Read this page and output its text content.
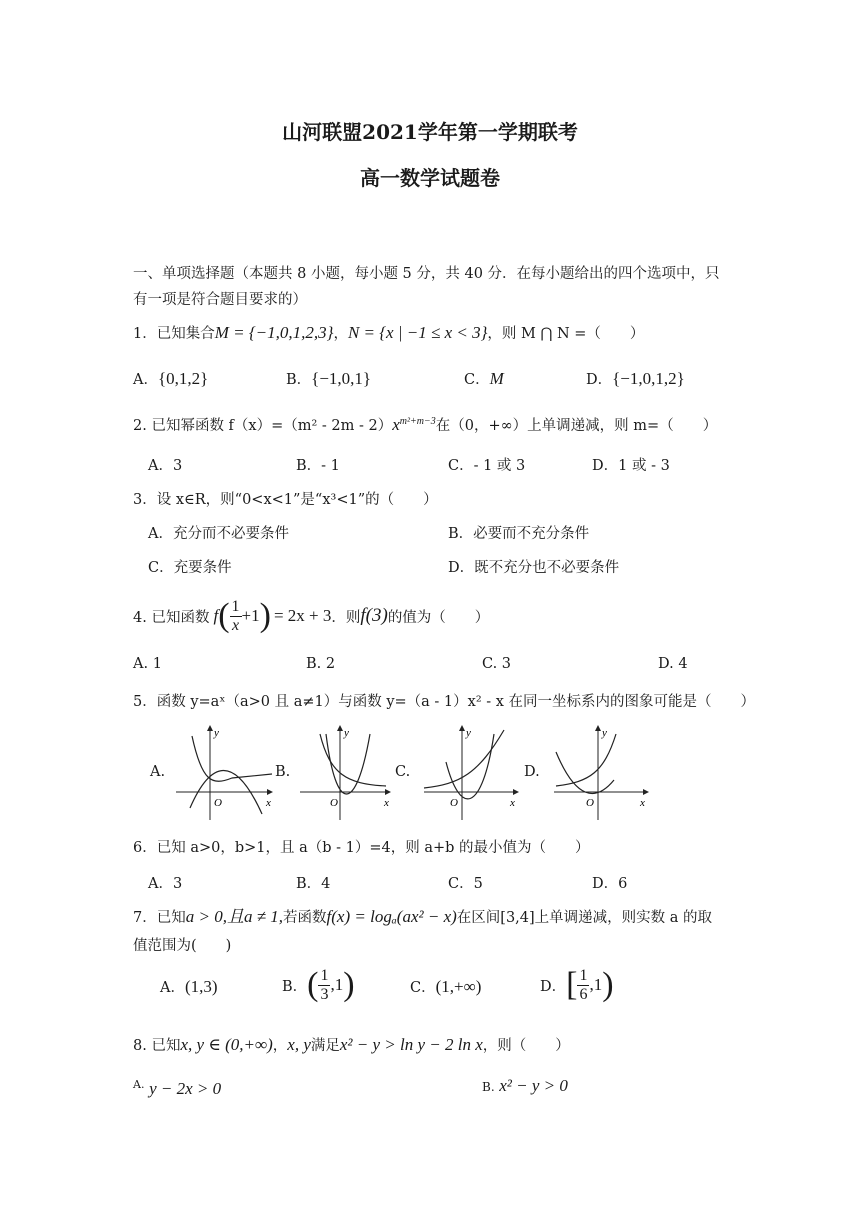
山河联盟2021学年第一学期联考
高一数学试题卷
一、单项选择题（本题共 8 小题，每小题 5 分，共 40 分．在每小题给出的四个选项中，只
有一项是符合题目要求的）
1．已知集合M = {−1,0,1,2,3}，N = {x | −1 ≤ x < 3}，则 M ⋂ N =（　　）
A．{0,1,2}	B．{−1,0,1}	C．M	D．{−1,0,1,2}
2. 已知幂函数 $f(x)=(m^2 - 2m - 2)x^{m^2+m-3}$在（0，+∞）上单调递减，则 m=（　　）
A．3	B．- 1	C．- 1 或 3	D．1 或 - 3
3．设 x∈R，则“0<x<1”是“x³<1”的（　　）
A．充分而不必要条件	B．必要而不充分条件
C．充要条件	D．既不充分也不必要条件
4. 已知函数 f ( $\frac{1}{x} +1$ ) = 2x + 3 ．则 f(3) 的值为（　　）
A. 1	B. 2	C. 3	D. 4
5．函数 y=aˣ（a>0 且 a≠1）与函数 y=（a - 1）x² - x 在同一坐标系内的图象可能是（　　）
A.	B.	C.	D.
y
x
O
y
x
O
y
x
O
y
x
O
6．已知 a>0，b>1，且 a（b - 1）=4，则 a+b 的最小值为（　　）
A．3	B．4	C．5	D．6
7．已知a > 0,且a ≠ 1,若函数f(x) = logₐ(ax² − x)在区间[3,4]上单调递减，则实数 a 的取
值范围为(　　)
A．(1,3)	B． ( $\frac{1}{3} ,1$ )	C．(1,+∞)	D． [ $\frac{1}{6} ,1$ )
8. 已知x, y ∈ (0,+∞)，x, y满足x² − y > ln y − 2 ln x，则（　　）
$^{A.}$ y − 2x > 0	B. x² − y > 0
